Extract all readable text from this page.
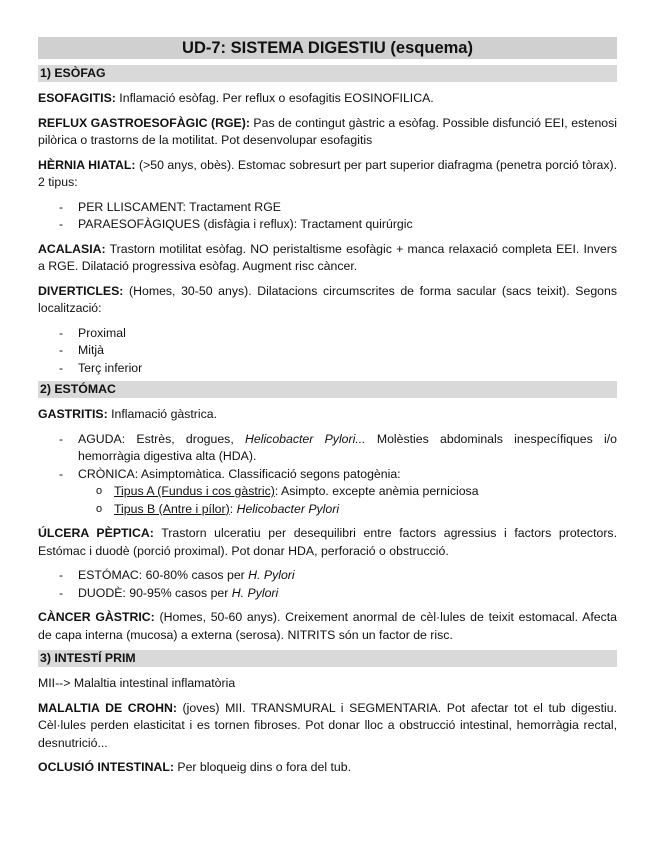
UD-7: SISTEMA DIGESTIU (esquema)
1) ESÒFAG

ESOFAGITIS: Inflamació esòfag. Per reflux o esofagitis EOSINOFILICA.

REFLUX GASTROESOFÀGIC (RGE): Pas de contingut gàstric a esòfag. Possible disfunció EEI, estenosi pilòrica o trastorns de la motilitat. Pot desenvolupar esofagitis

HÈRNIA HIATAL: (>50 anys, obès). Estomac sobresurt per part superior diafragma (penetra porció tòrax). 2 tipus:

- PER LLISCAMENT: Tractament RGE
- PARAESOFÀGIQUES (disfàgia i reflux): Tractament quirúrgic

ACALASIA: Trastorn motilitat esòfag. NO peristaltisme esofàgic + manca relaxació completa EEI. Invers a RGE. Dilatació progressiva esòfag. Augment risc càncer.

DIVERTICLES: (Homes, 30-50 anys). Dilatacions circumscrites de forma sacular (sacs teixit). Segons localització:

- Proximal
- Mitjà
- Terç inferior
2) ESTÓMAC

GASTRITIS: Inflamació gàstrica.

- AGUDA: Estrès, drogues, Helicobacter Pylori... Molèsties abdominals inespecífiques i/o hemorràgia digestiva alta (HDA).
- CRÒNICA: Asimptomàtica. Classificació segons patogènia:
o Tipus A (Fundus i cos gàstric): Asimpto. excepte anèmia perniciosa
o Tipus B (Antre i pílor): Helicobacter Pylori

ÚLCERA PÈPTICA: Trastorn ulceratiu per desequilibri entre factors agressius i factors protectors. Estómac i duodè (porció proximal). Pot donar HDA, perforació o obstrucció.

- ESTÓMAC: 60-80% casos per H. Pylori
- DUODÈ: 90-95% casos per H. Pylori

CÀNCER GÀSTRIC: (Homes, 50-60 anys). Creixement anormal de cèl·lules de teixit estomacal. Afecta de capa interna (mucosa) a externa (serosa). NITRITS són un factor de risc.

3) INTESTÍ PRIM

MII--> Malaltia intestinal inflamatòria

MALALTIA DE CROHN: (joves) MII. TRANSMURAL i SEGMENTARIA. Pot afectar tot el tub digestiu. Cèl·lules perden elasticitat i es tornen fibroses. Pot donar lloc a obstrucció intestinal, hemorràgia rectal, desnutrició...

OCLUSIÓ INTESTINAL: Per bloqueig dins o fora del tub.
